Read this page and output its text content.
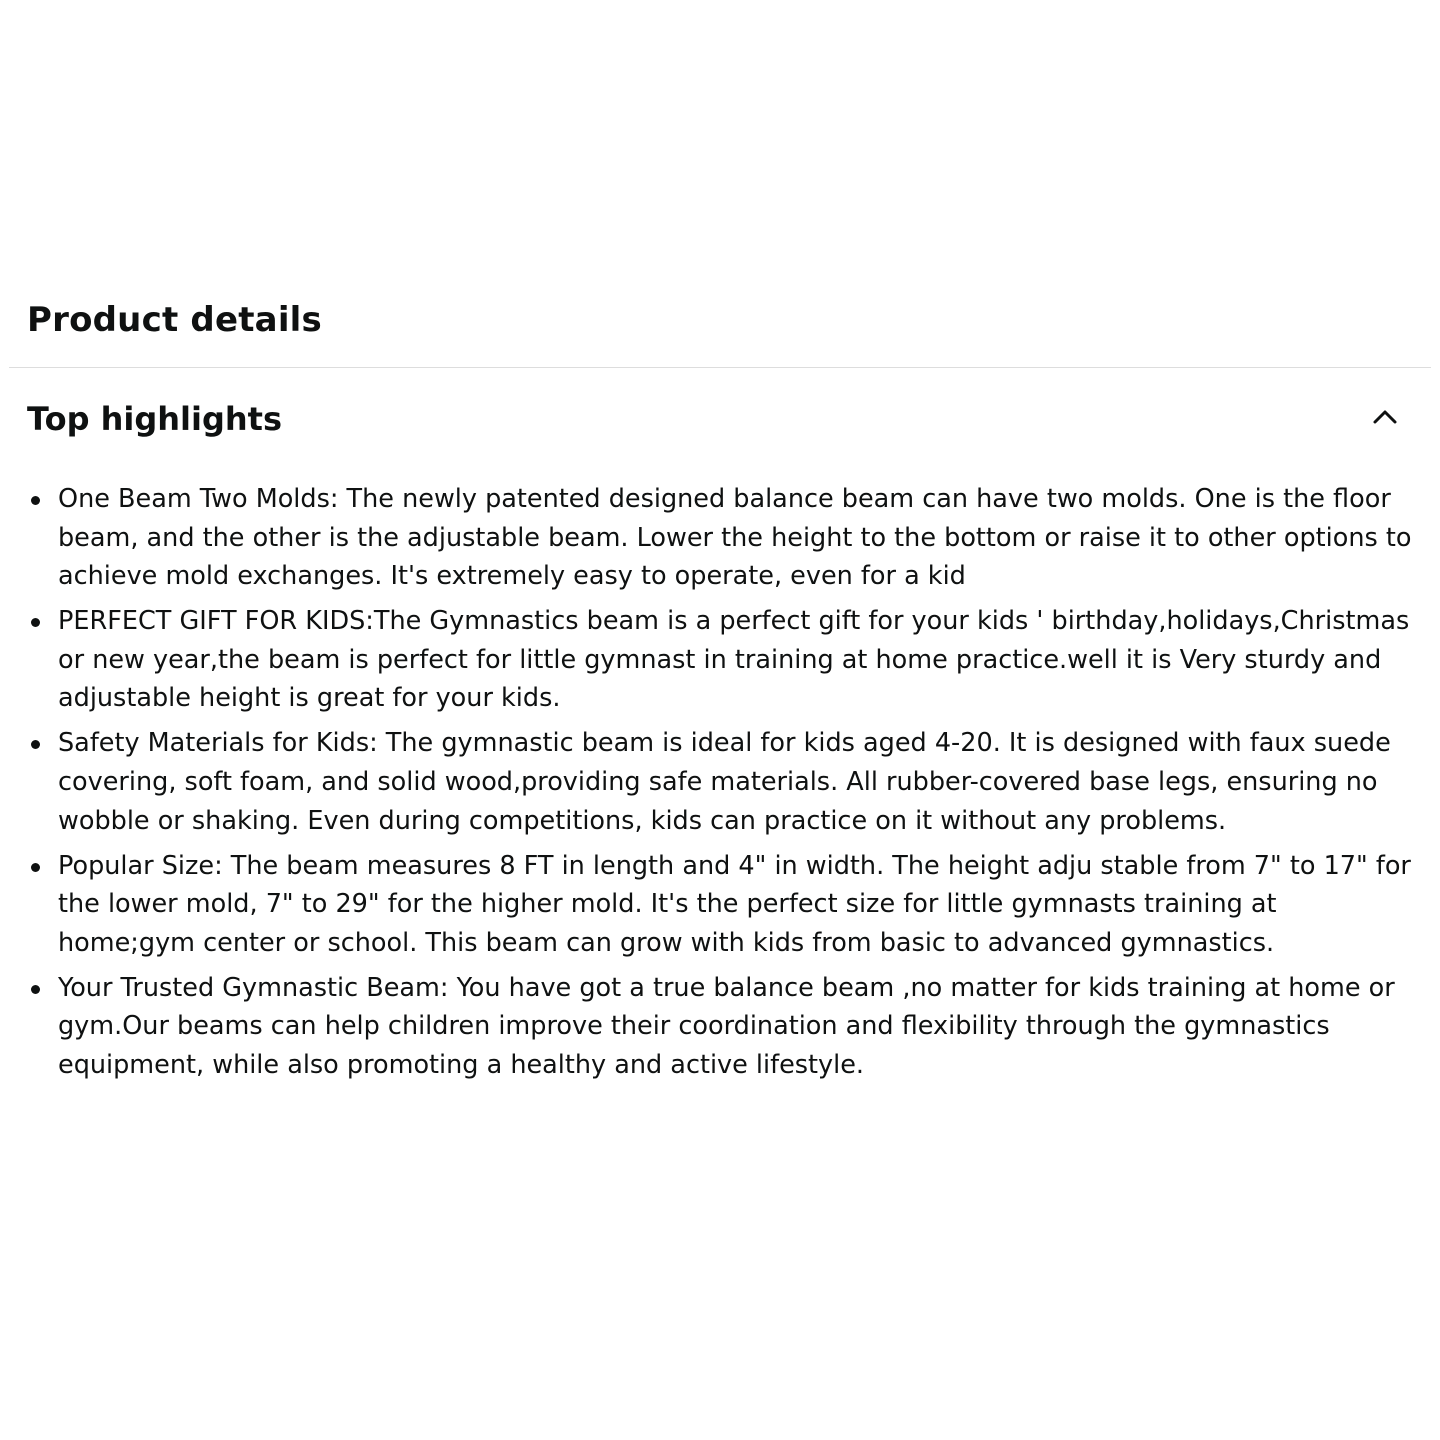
Product details
Top highlights
One Beam Two Molds: The newly patented designed balance beam can have two molds. One is the floor beam, and the other is the adjustable beam. Lower the height to the bottom or raise it to other options to achieve mold exchanges. It's extremely easy to operate, even for a kid
PERFECT GIFT FOR KIDS:The Gymnastics beam is a perfect gift for your kids ' birthday,holidays,Christmas or new year,the beam is perfect for little gymnast in training at home practice.well it is Very sturdy and adjustable height is great for your kids.
Safety Materials for Kids: The gymnastic beam is ideal for kids aged 4-20. It is designed with faux suede covering, soft foam, and solid wood,providing safe materials. All rubber-covered base legs, ensuring no wobble or shaking. Even during competitions, kids can practice on it without any problems.
Popular Size: The beam measures 8 FT in length and 4" in width. The height adju stable from 7" to 17" for the lower mold, 7" to 29" for the higher mold. It's the perfect size for little gymnasts training at home;gym center or school. This beam can grow with kids from basic to advanced gymnastics.
Your Trusted Gymnastic Beam: You have got a true balance beam ,no matter for kids training at home or gym.Our beams can help children improve their coordination and flexibility through the gymnastics equipment, while also promoting a healthy and active lifestyle.
